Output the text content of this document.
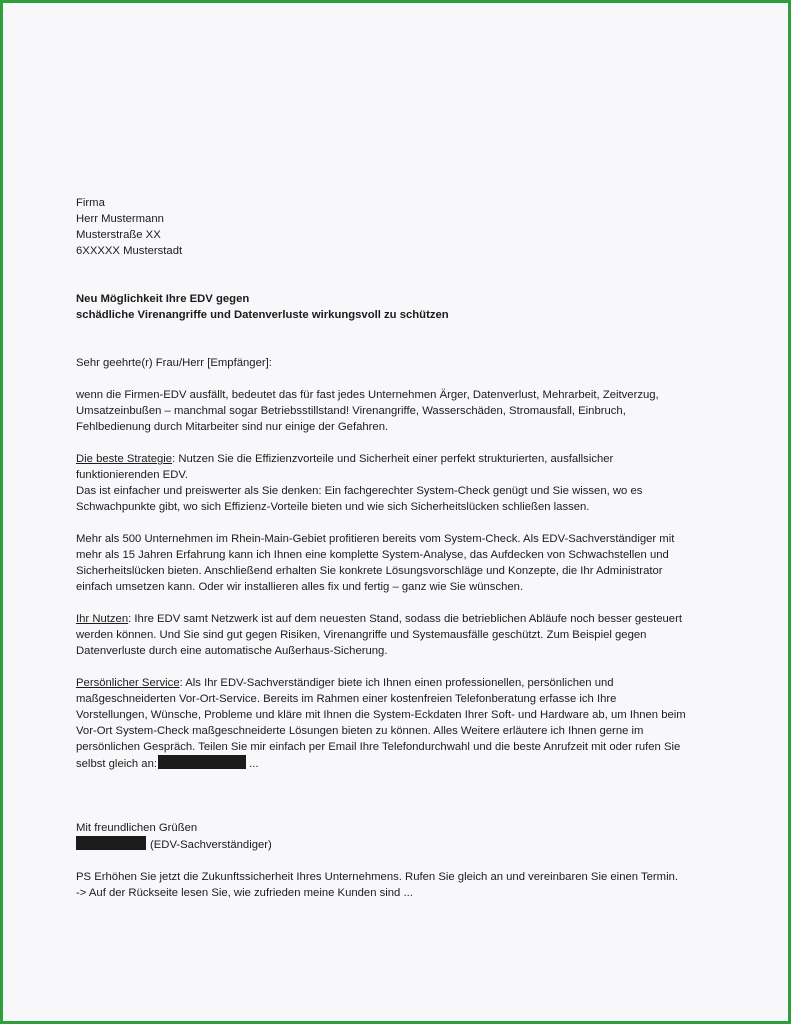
Firma
Herr Mustermann
Musterstraße XX
6XXXXX Musterstadt
Neu Möglichkeit Ihre EDV gegen
schädliche Virenangriffe und Datenverluste wirkungsvoll zu schützen
Sehr geehrte(r) Frau/Herr [Empfänger]:
wenn die Firmen-EDV ausfällt, bedeutet das für fast jedes Unternehmen Ärger, Datenverlust, Mehrarbeit, Zeitverzug,
Umsatzeinbußen – manchmal sogar Betriebsstillstand! Virenangriffe, Wasserschäden, Stromausfall, Einbruch,
Fehlbedienung durch Mitarbeiter sind nur einige der Gefahren.
Die beste Strategie: Nutzen Sie die Effizienzvorteile und Sicherheit einer perfekt strukturierten, ausfallsicher
funktionierenden EDV.
Das ist einfacher und preiswerter als Sie denken: Ein fachgerechter System-Check genügt und Sie wissen, wo es
Schwachpunkte gibt, wo sich Effizienz-Vorteile bieten und wie sich Sicherheitslücken schließen lassen.
Mehr als 500 Unternehmen im Rhein-Main-Gebiet profitieren bereits vom System-Check. Als EDV-Sachverständiger mit
mehr als 15 Jahren Erfahrung kann ich Ihnen eine komplette System-Analyse, das Aufdecken von Schwachstellen und
Sicherheitslücken bieten. Anschließend erhalten Sie konkrete Lösungsvorschläge und Konzepte, die Ihr Administrator
einfach umsetzen kann. Oder wir installieren alles fix und fertig – ganz wie Sie wünschen.
Ihr Nutzen: Ihre EDV samt Netzwerk ist auf dem neuesten Stand, sodass die betrieblichen Abläufe noch besser gesteuert
werden können. Und Sie sind gut gegen Risiken, Virenangriffe und Systemausfälle geschützt. Zum Beispiel gegen
Datenverluste durch eine automatische Außerhaus-Sicherung.
Persönlicher Service: Als Ihr EDV-Sachverständiger biete ich Ihnen einen professionellen, persönlichen und
maßgeschneiderten Vor-Ort-Service. Bereits im Rahmen einer kostenfreien Telefonberatung erfasse ich Ihre
Vorstellungen, Wünsche, Probleme und kläre mit Ihnen die System-Eckdaten Ihrer Soft- und Hardware ab, um Ihnen beim
Vor-Ort System-Check maßgeschneiderte Lösungen bieten zu können. Alles Weitere erläutere ich Ihnen gerne im
persönlichen Gespräch. Teilen Sie mir einfach per Email Ihre Telefondurchwahl und die beste Anrufzeit mit oder rufen Sie
selbst gleich an:	...
Mit freundlichen Grüßen
(EDV-Sachverständiger)
PS Erhöhen Sie jetzt die Zukunftssicherheit Ihres Unternehmens. Rufen Sie gleich an und vereinbaren Sie einen Termin.
-> Auf der Rückseite lesen Sie, wie zufrieden meine Kunden sind ...
